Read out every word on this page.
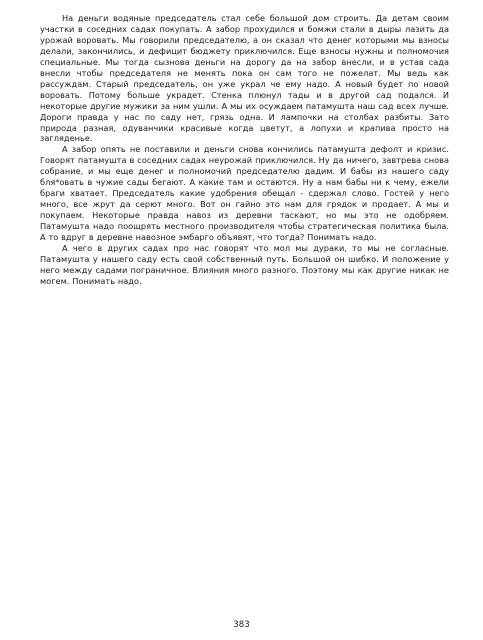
На деньги водяные председатель стал себе большой дом строить. Да детам своим участки в соседних садах покупать. А забор прохудился и бомжи стали в дыры лазить да урожай воровать. Мы говорили председателю, а он сказал что денег которыми мы взносы делали, закончились, и дефицит бюджету приключился. Еще взносы нужны и полномочия специальные. Мы тогда сызнова деньги на дорогу да на забор внесли, и в устав сада внесли чтобы председателя не менять пока он сам того не пожелат. Мы ведь как рассуждам. Старый председатель, он уже украл че ему надо. А новый будет по новой воровать. Потому больше украдет. Стенка плюнул тады и в другой сад подался. И некоторые другие мужики за ним ушли. А мы их осуждаем патамушта наш сад всех лучше. Дороги правда у нас по саду нет, грязь одна. И лампочки на столбах разбиты. Зато природа разная, одуванчики красивые когда цветут, а лопухи и крапива просто на загляденье.

А забор опять не поставили и деньги снова кончились патамушта дефолт и кризис. Говорят патамушта в соседних садах неурожай приключился. Ну да ничего, завтрева снова собрание, и мы еще денег и полномочий председателю дадим. И бабы из нашего саду бля*овать в чужие сады бегают. А какие там и остаются. Ну а нам бабы ни к чему, ежели браги хватает. Председатель какие удобрения обещал - сдержал слово. Гостей у него много, все жрут да серют много. Вот он гайно это нам для грядок и продает. А мы и покупаем. Некоторые правда навоз из деревни таскают, но мы это не одобряем. Патамушта надо поощрять местного производителя чтобы стратегическая политика была. А то вдруг в деревне навозное эмбарго объявят, что тогда? Понимать надо.

А чего в других садах про нас говорят что мол мы дураки, то мы не согласные. Патамушта у нашего саду есть свой собственный путь. Большой он шибко. И положение у него между садами пограничное. Влияния много разного. Поэтому мы как другие никак не могем. Понимать надо.

383
